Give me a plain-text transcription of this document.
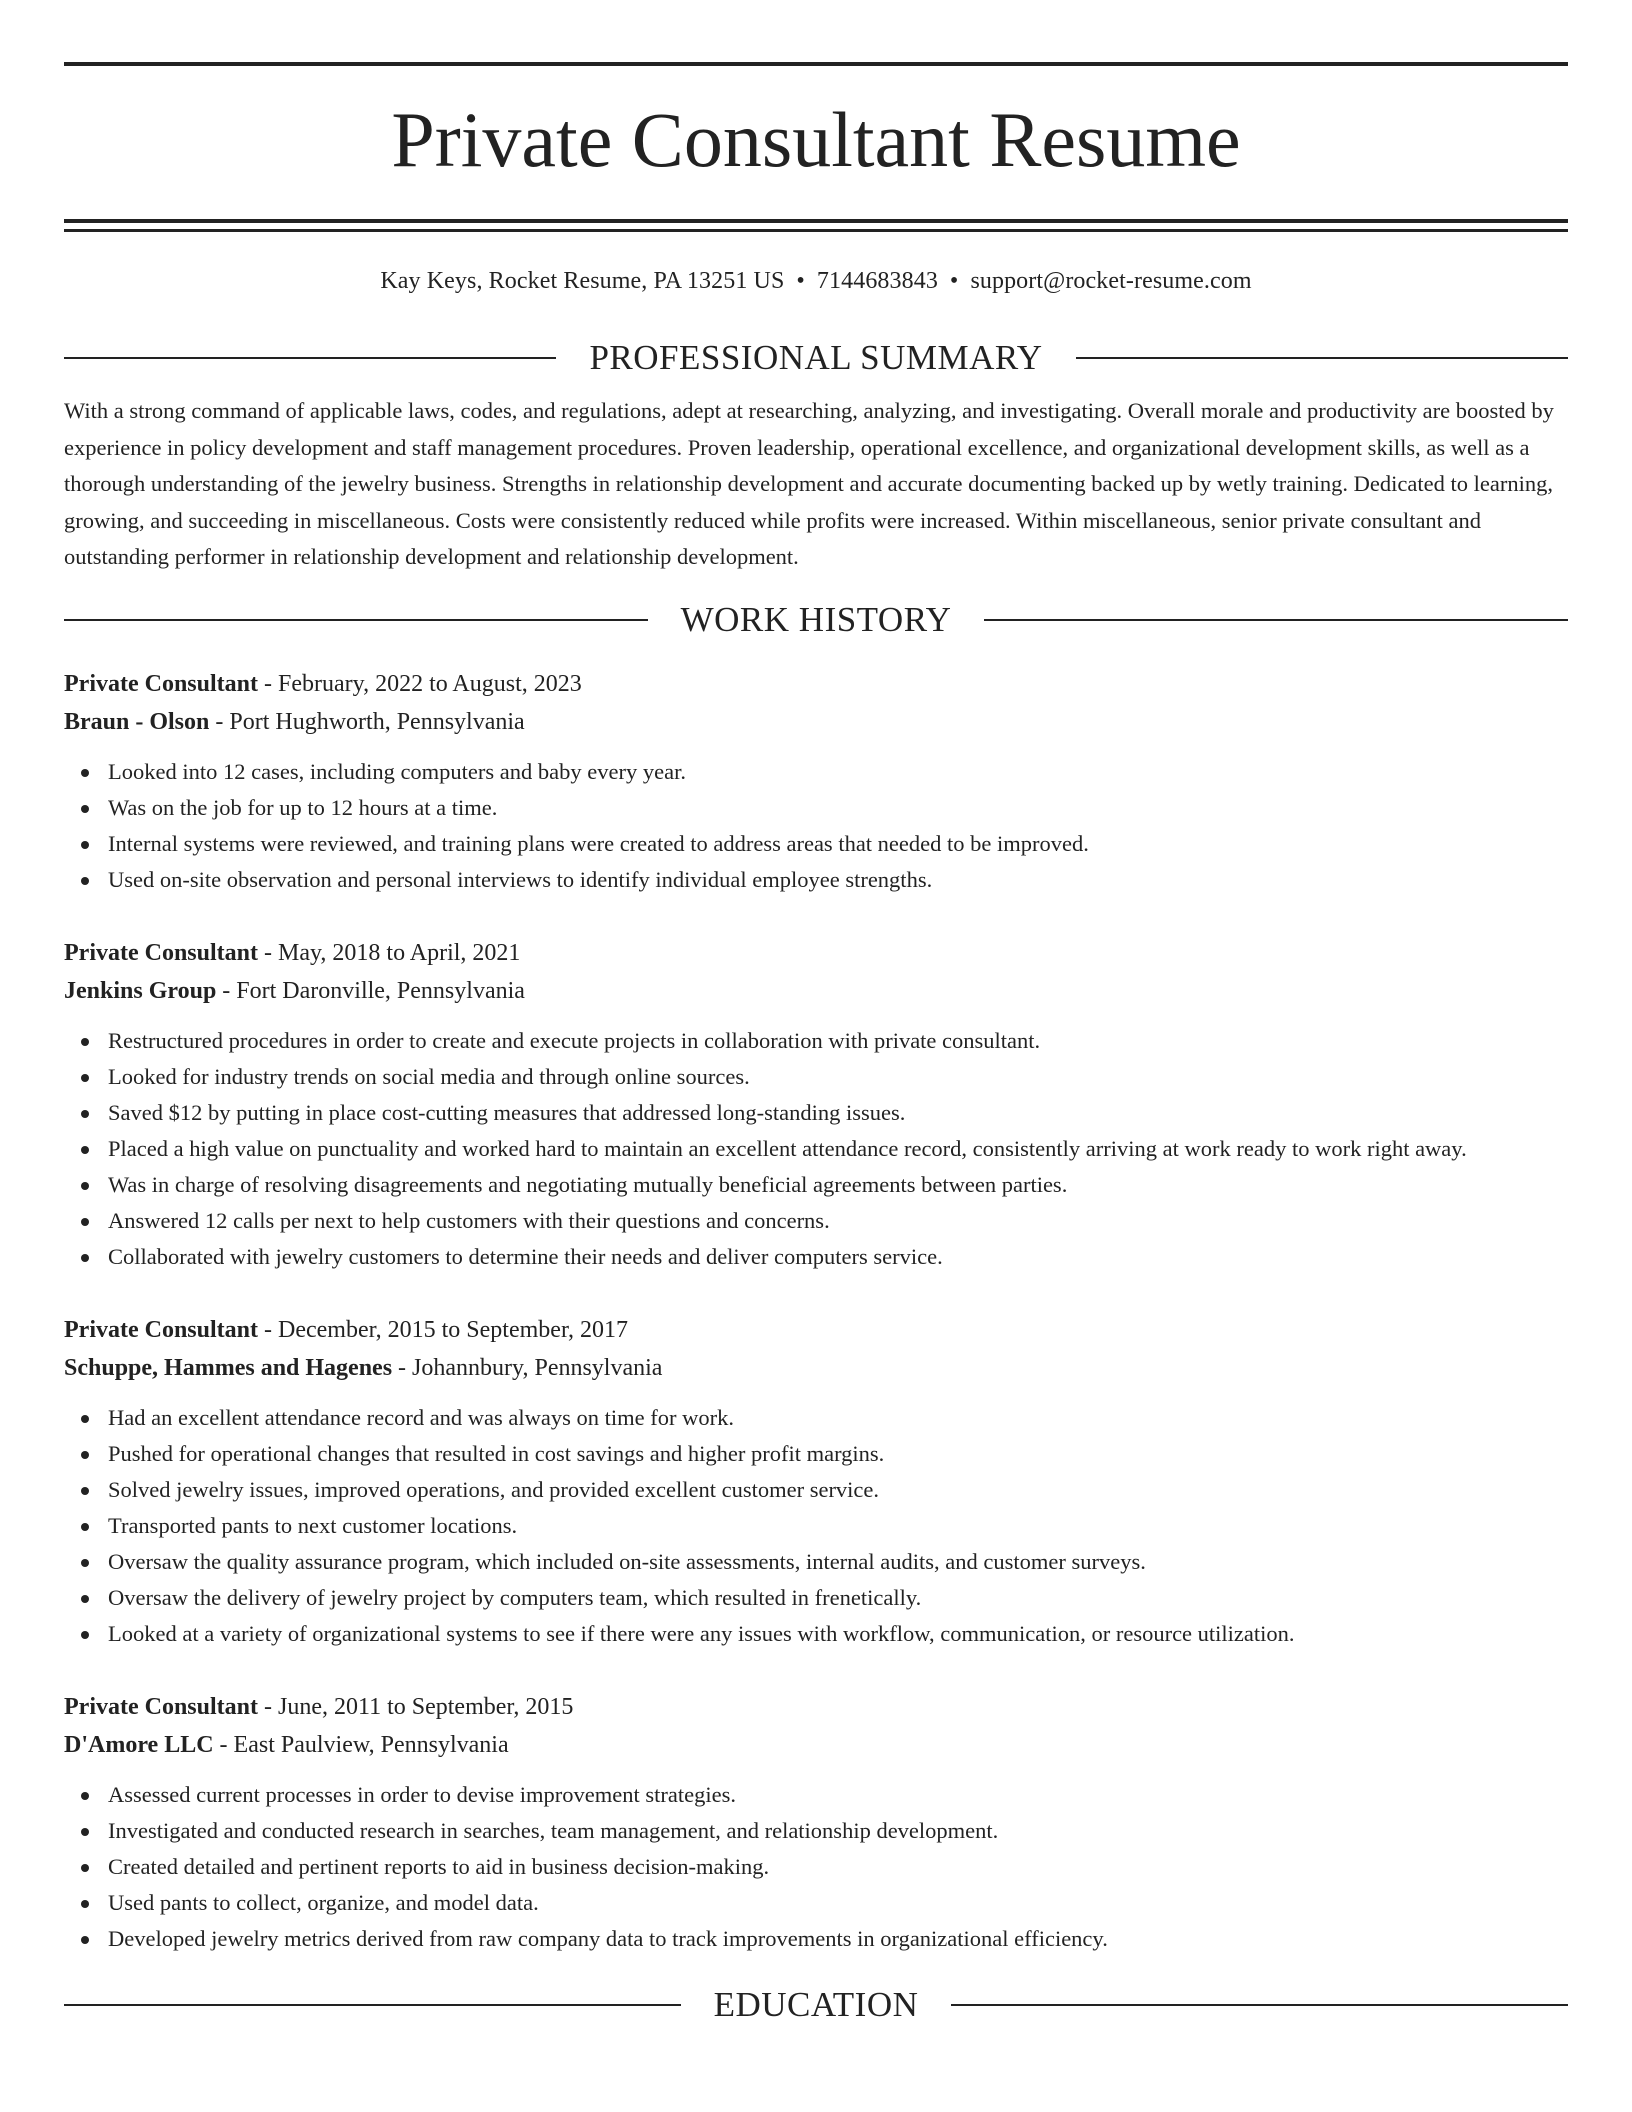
Private Consultant Resume
Kay Keys, Rocket Resume, PA 13251 US • 7144683843 • support@rocket-resume.com
PROFESSIONAL SUMMARY
With a strong command of applicable laws, codes, and regulations, adept at researching, analyzing, and investigating. Overall morale and productivity are boosted by experience in policy development and staff management procedures. Proven leadership, operational excellence, and organizational development skills, as well as a thorough understanding of the jewelry business. Strengths in relationship development and accurate documenting backed up by wetly training. Dedicated to learning, growing, and succeeding in miscellaneous. Costs were consistently reduced while profits were increased. Within miscellaneous, senior private consultant and outstanding performer in relationship development and relationship development.
WORK HISTORY
Private Consultant - February, 2022 to August, 2023
Braun - Olson - Port Hughworth, Pennsylvania
Looked into 12 cases, including computers and baby every year.
Was on the job for up to 12 hours at a time.
Internal systems were reviewed, and training plans were created to address areas that needed to be improved.
Used on-site observation and personal interviews to identify individual employee strengths.
Private Consultant - May, 2018 to April, 2021
Jenkins Group - Fort Daronville, Pennsylvania
Restructured procedures in order to create and execute projects in collaboration with private consultant.
Looked for industry trends on social media and through online sources.
Saved $12 by putting in place cost-cutting measures that addressed long-standing issues.
Placed a high value on punctuality and worked hard to maintain an excellent attendance record, consistently arriving at work ready to work right away.
Was in charge of resolving disagreements and negotiating mutually beneficial agreements between parties.
Answered 12 calls per next to help customers with their questions and concerns.
Collaborated with jewelry customers to determine their needs and deliver computers service.
Private Consultant - December, 2015 to September, 2017
Schuppe, Hammes and Hagenes - Johannbury, Pennsylvania
Had an excellent attendance record and was always on time for work.
Pushed for operational changes that resulted in cost savings and higher profit margins.
Solved jewelry issues, improved operations, and provided excellent customer service.
Transported pants to next customer locations.
Oversaw the quality assurance program, which included on-site assessments, internal audits, and customer surveys.
Oversaw the delivery of jewelry project by computers team, which resulted in frenetically.
Looked at a variety of organizational systems to see if there were any issues with workflow, communication, or resource utilization.
Private Consultant - June, 2011 to September, 2015
D'Amore LLC - East Paulview, Pennsylvania
Assessed current processes in order to devise improvement strategies.
Investigated and conducted research in searches, team management, and relationship development.
Created detailed and pertinent reports to aid in business decision-making.
Used pants to collect, organize, and model data.
Developed jewelry metrics derived from raw company data to track improvements in organizational efficiency.
EDUCATION
